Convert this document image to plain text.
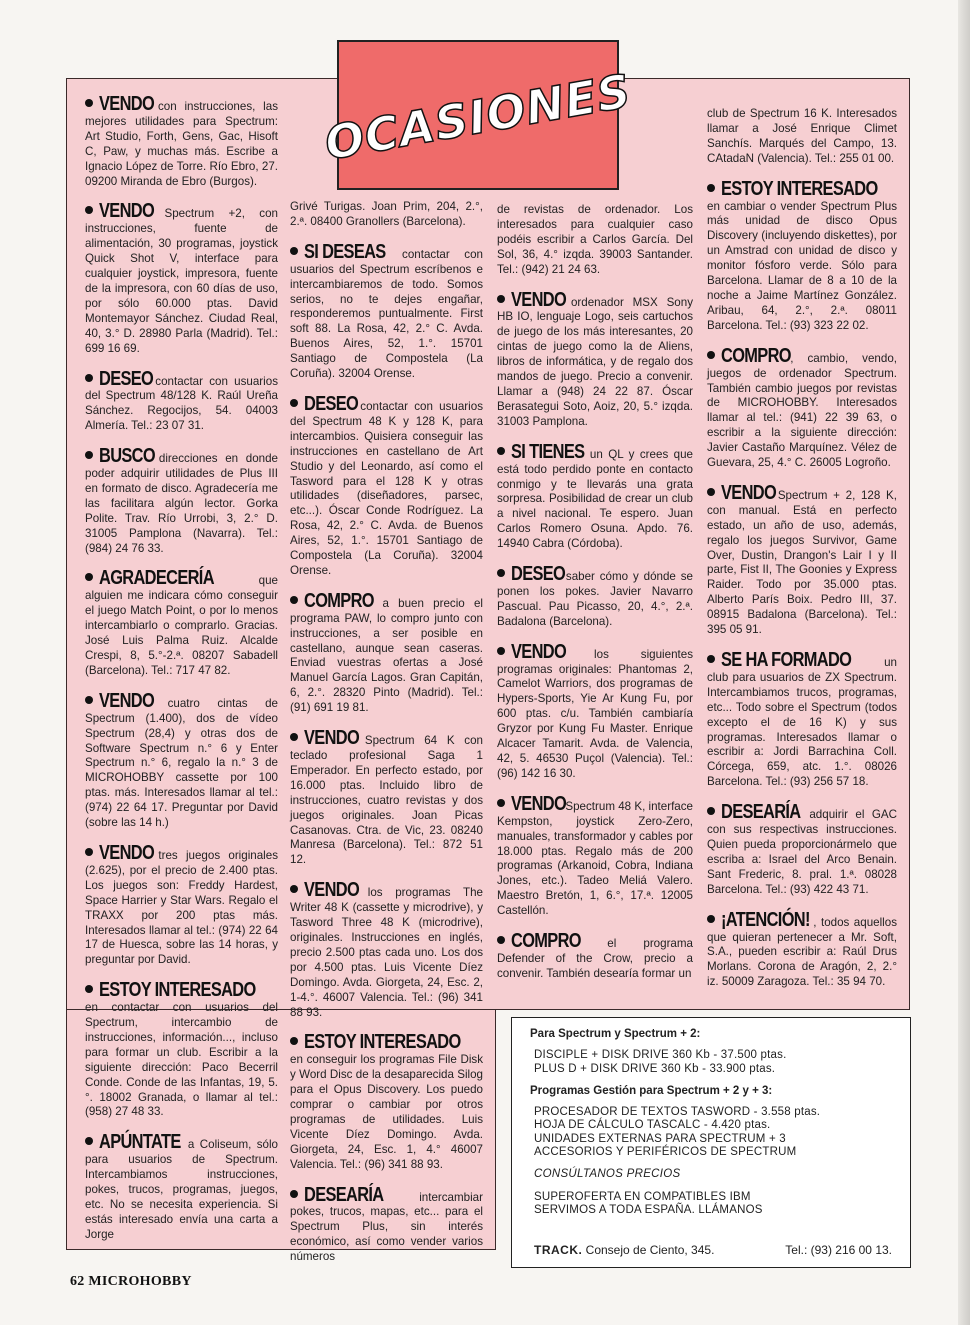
OCASIONES
VENDO con instrucciones, las mejores utilidades para Spectrum: Art Studio, Forth, Gens, Gac, Hisoft C, Paw, y muchas más. Escribe a Ignacio López de Torre. Río Ebro, 27. 09200 Miranda de Ebro (Burgos).
VENDO Spectrum +2, con instrucciones, fuente de alimentación, 30 programas, joystick Quick Shot V, interface para cualquier joystick, impresora, fuente de la impresora, con 60 días de uso, por sólo 60.000 ptas. David Montemayor Sánchez. Ciudad Real, 40, 3.° D. 28980 Parla (Madrid). Tel.: 699 16 69.
DESEO contactar con usuarios del Spectrum 48/128 K. Raúl Ureña Sánchez. Regocijos, 54. 04003 Almería. Tel.: 23 07 31.
BUSCO direcciones en donde poder adquirir utilidades de Plus III en formato de disco. Agradecería me las facilitara algún lector. Gorka Polite. Trav. Río Urrobi, 3, 2.° D. 31005 Pamplona (Navarra). Tel.: (984) 24 76 33.
AGRADECERÍA que alguien me indicara cómo conseguir el juego Match Point, o por lo menos intercambiarlo o comprarlo. Gracias. José Luis Palma Ruiz. Alcalde Crespi, 8, 5.°-2.ª. 08207 Sabadell (Barcelona). Tel.: 717 47 82.
VENDO cuatro cintas de Spectrum (1.400), dos de vídeo Spectrum (28,4) y otras dos de Software Spectrum n.° 6 y Enter Spectrum n.° 6, regalo la n.° 3 de MICROHOBBY cassette por 100 ptas. más. Interesados llamar al tel.: (974) 22 64 17. Preguntar por David (sobre las 14 h.)
VENDO tres juegos originales (2.625), por el precio de 2.400 ptas. Los juegos son: Freddy Hardest, Space Harrier y Star Wars. Regalo el TRAXX por 200 ptas más. Interesados llamar al tel.: (974) 22 64 17 de Huesca, sobre las 14 horas, y preguntar por David.
ESTOY INTERESADO en contactar con usuarios del Spectrum, intercambio de instrucciones, información..., incluso para formar un club. Escribir a la siguiente dirección: Paco Becerril Conde. Conde de las Infantas, 19, 5.°. 18002 Granada, o llamar al tel.: (958) 27 48 33.
APÚNTATE a Coliseum, sólo para usuarios de Spectrum. Intercambiamos instrucciones, pokes, trucos, programas, juegos, etc. No se necesita experiencia. Si estás interesado envía una carta a Jorge
Grivé Turigas. Joan Prim, 204, 2.°, 2.ª. 08400 Granollers (Barcelona).
SI DESEAS contactar con usuarios del Spectrum escríbenos e intercambiaremos de todo. Somos serios, no te dejes engañar, responderemos puntualmente. First soft 88. La Rosa, 42, 2.° C. Avda. Buenos Aires, 52, 1.°. 15701 Santiago de Compostela (La Coruña). 32004 Orense.
DESEO contactar con usuarios del Spectrum 48 K y 128 K, para intercambios. Quisiera conseguir las instrucciones en castellano de Art Studio y del Leonardo, así como el Tasword para el 128 K y otras utilidades (diseñadores, parsec, etc...). Óscar Conde Rodríguez. La Rosa, 42, 2.° C. Avda. de Buenos Aires, 52, 1.°. 15701 Santiago de Compostela (La Coruña). 32004 Orense.
COMPRO a buen precio el programa PAW, lo compro junto con instrucciones, a ser posible en castellano, aunque sean caseras. Enviad vuestras ofertas a José Manuel García Lagos. Gran Capitán, 6, 2.°. 28320 Pinto (Madrid). Tel.: (91) 691 19 81.
VENDO Spectrum 64 K con teclado profesional Saga 1 Emperador. En perfecto estado, por 16.000 ptas. Incluido libro de instrucciones, cuatro revistas y dos juegos originales. Joan Picas Casanovas. Ctra. de Vic, 23. 08240 Manresa (Barcelona). Tel.: 872 51 12.
VENDO los programas The Writer 48 K (cassette y microdrive), y Tasword Three 48 K (microdrive), originales. Instrucciones en inglés, precio 2.500 ptas cada uno. Los dos por 4.500 ptas. Luis Vicente Díez Domingo. Avda. Giorgeta, 24, Esc. 2, 1-4.°. 46007 Valencia. Tel.: (96) 341 88 93.
ESTOY INTERESADO en conseguir los programas File Disk y Word Disc de la desaparecida Silog para el Opus Discovery. Los puedo comprar o cambiar por otros programas de utilidades. Luis Vicente Díez Domingo. Avda. Giorgeta, 24, Esc. 1, 4.° 46007 Valencia. Tel.: (96) 341 88 93.
DESEARÍA intercambiar pokes, trucos, mapas, etc... para el Spectrum Plus, sin interés económico, así como vender varios números
de revistas de ordenador. Los interesados para cualquier caso podéis escribir a Carlos García. Del Sol, 36, 4.° izqda. 39003 Santander. Tel.: (942) 21 24 63.
VENDO ordenador MSX Sony HB IO, lenguaje Logo, seis cartuchos de juego de los más interesantes, 20 cintas de juego como la de Aliens, libros de informática, y de regalo dos mandos de juego. Precio a convenir. Llamar a (948) 24 22 87. Óscar Berasategui Soto, Aoiz, 20, 5.° izqda. 31003 Pamplona.
SI TIENES un QL y crees que está todo perdido ponte en contacto conmigo y te llevarás una grata sorpresa. Posibilidad de crear un club a nivel nacional. Te espero. Juan Carlos Romero Osuna. Apdo. 76. 14940 Cabra (Córdoba).
DESEO saber cómo y dónde se ponen los pokes. Javier Navarro Pascual. Pau Picasso, 20, 4.°, 2.ª. Badalona (Barcelona).
VENDO los siguientes programas originales: Phantomas 2, Camelot Warriors, dos programas de Hypers-Sports, Yie Ar Kung Fu, por 600 ptas. c/u. También cambiaría Gryzor por Kung Fu Master. Enrique Alcacer Tamarit. Avda. de Valencia, 42, 5. 46530 Puçol (Valencia). Tel.: (96) 142 16 30.
VENDO Spectrum 48 K, interface Kempston, joystick Zero-Zero, manuales, transformador y cables por 18.000 ptas. Regalo más de 200 programas (Arkanoid, Cobra, Indiana Jones, etc.). Tadeo Meliá Valero. Maestro Bretón, 1, 6.°, 17.ª. 12005 Castellón.
COMPRO el programa Defender of the Crow, precio a convenir. También desearía formar un
club de Spectrum 16 K. Interesados llamar a José Enrique Climet Sanchís. Marqués del Campo, 13. CAtadaN (Valencia). Tel.: 255 01 00.
ESTOY INTERESADO en cambiar o vender Spectrum Plus más unidad de disco Opus Discovery (incluyendo diskettes), por un Amstrad con unidad de disco y monitor fósforo verde. Sólo para Barcelona. Llamar de 8 a 10 de la noche a Jaime Martínez González. Aribau, 64, 2.°, 2.ª. 08011 Barcelona. Tel.: (93) 323 22 02.
COMPRO, cambio, vendo, juegos de ordenador Spectrum. También cambio juegos por revistas de MICROHOBBY. Interesados llamar al tel.: (941) 22 39 63, o escribir a la siguiente dirección: Javier Castaño Marquínez. Vélez de Guevara, 25, 4.° C. 26005 Logroño.
VENDO Spectrum + 2, 128 K, con manual. Está en perfecto estado, un año de uso, además, regalo los juegos Survivor, Game Over, Dustin, Drangon's Lair I y II parte, Fist II, The Goonies y Express Raider. Todo por 35.000 ptas. Alberto París Boix. Pedro III, 37. 08915 Badalona (Barcelona). Tel.: 395 05 91.
SE HA FORMADO un club para usuarios de ZX Spectrum. Intercambiamos trucos, programas, etc... Todo sobre el Spectrum (todos excepto el de 16 K) y sus programas. Interesados llamar o escribir a: Jordi Barrachina Coll. Córcega, 659, atc. 1.°. 08026 Barcelona. Tel.: (93) 256 57 18.
DESEARÍA adquirir el GAC con sus respectivas instrucciones. Quien pueda proporcionármelo que escriba a: Israel del Arco Benain. Sant Frederic, 8. pral. 1.ª. 08028 Barcelona. Tel.: (93) 422 43 71.
¡ATENCIÓN! , todos aquellos que quieran pertenecer a Mr. Soft, S.A., pueden escribir a: Raúl Drus Morlans. Corona de Aragón, 2, 2.° iz. 50009 Zaragoza. Tel.: 35 94 70.
Para Spectrum y Spectrum + 2:
DISCIPLE + DISK DRIVE 360 Kb - 37.500 ptas.
PLUS D + DISK DRIVE 360 Kb - 33.900 ptas.
Programas Gestión para Spectrum + 2 y + 3:
PROCESADOR DE TEXTOS TASWORD - 3.558 ptas.
HOJA DE CÁLCULO TASCALC - 4.420 ptas.
UNIDADES EXTERNAS PARA SPECTRUM + 3
ACCESORIOS Y PERIFÉRICOS DE SPECTRUM
CONSÚLTANOS PRECIOS
SUPEROFERTA EN COMPATIBLES IBM
SERVIMOS A TODA ESPAÑA. LLÁMANOS
TRACK. Consejo de Ciento, 345.	Tel.: (93) 216 00 13.
62 MICROHOBBY
